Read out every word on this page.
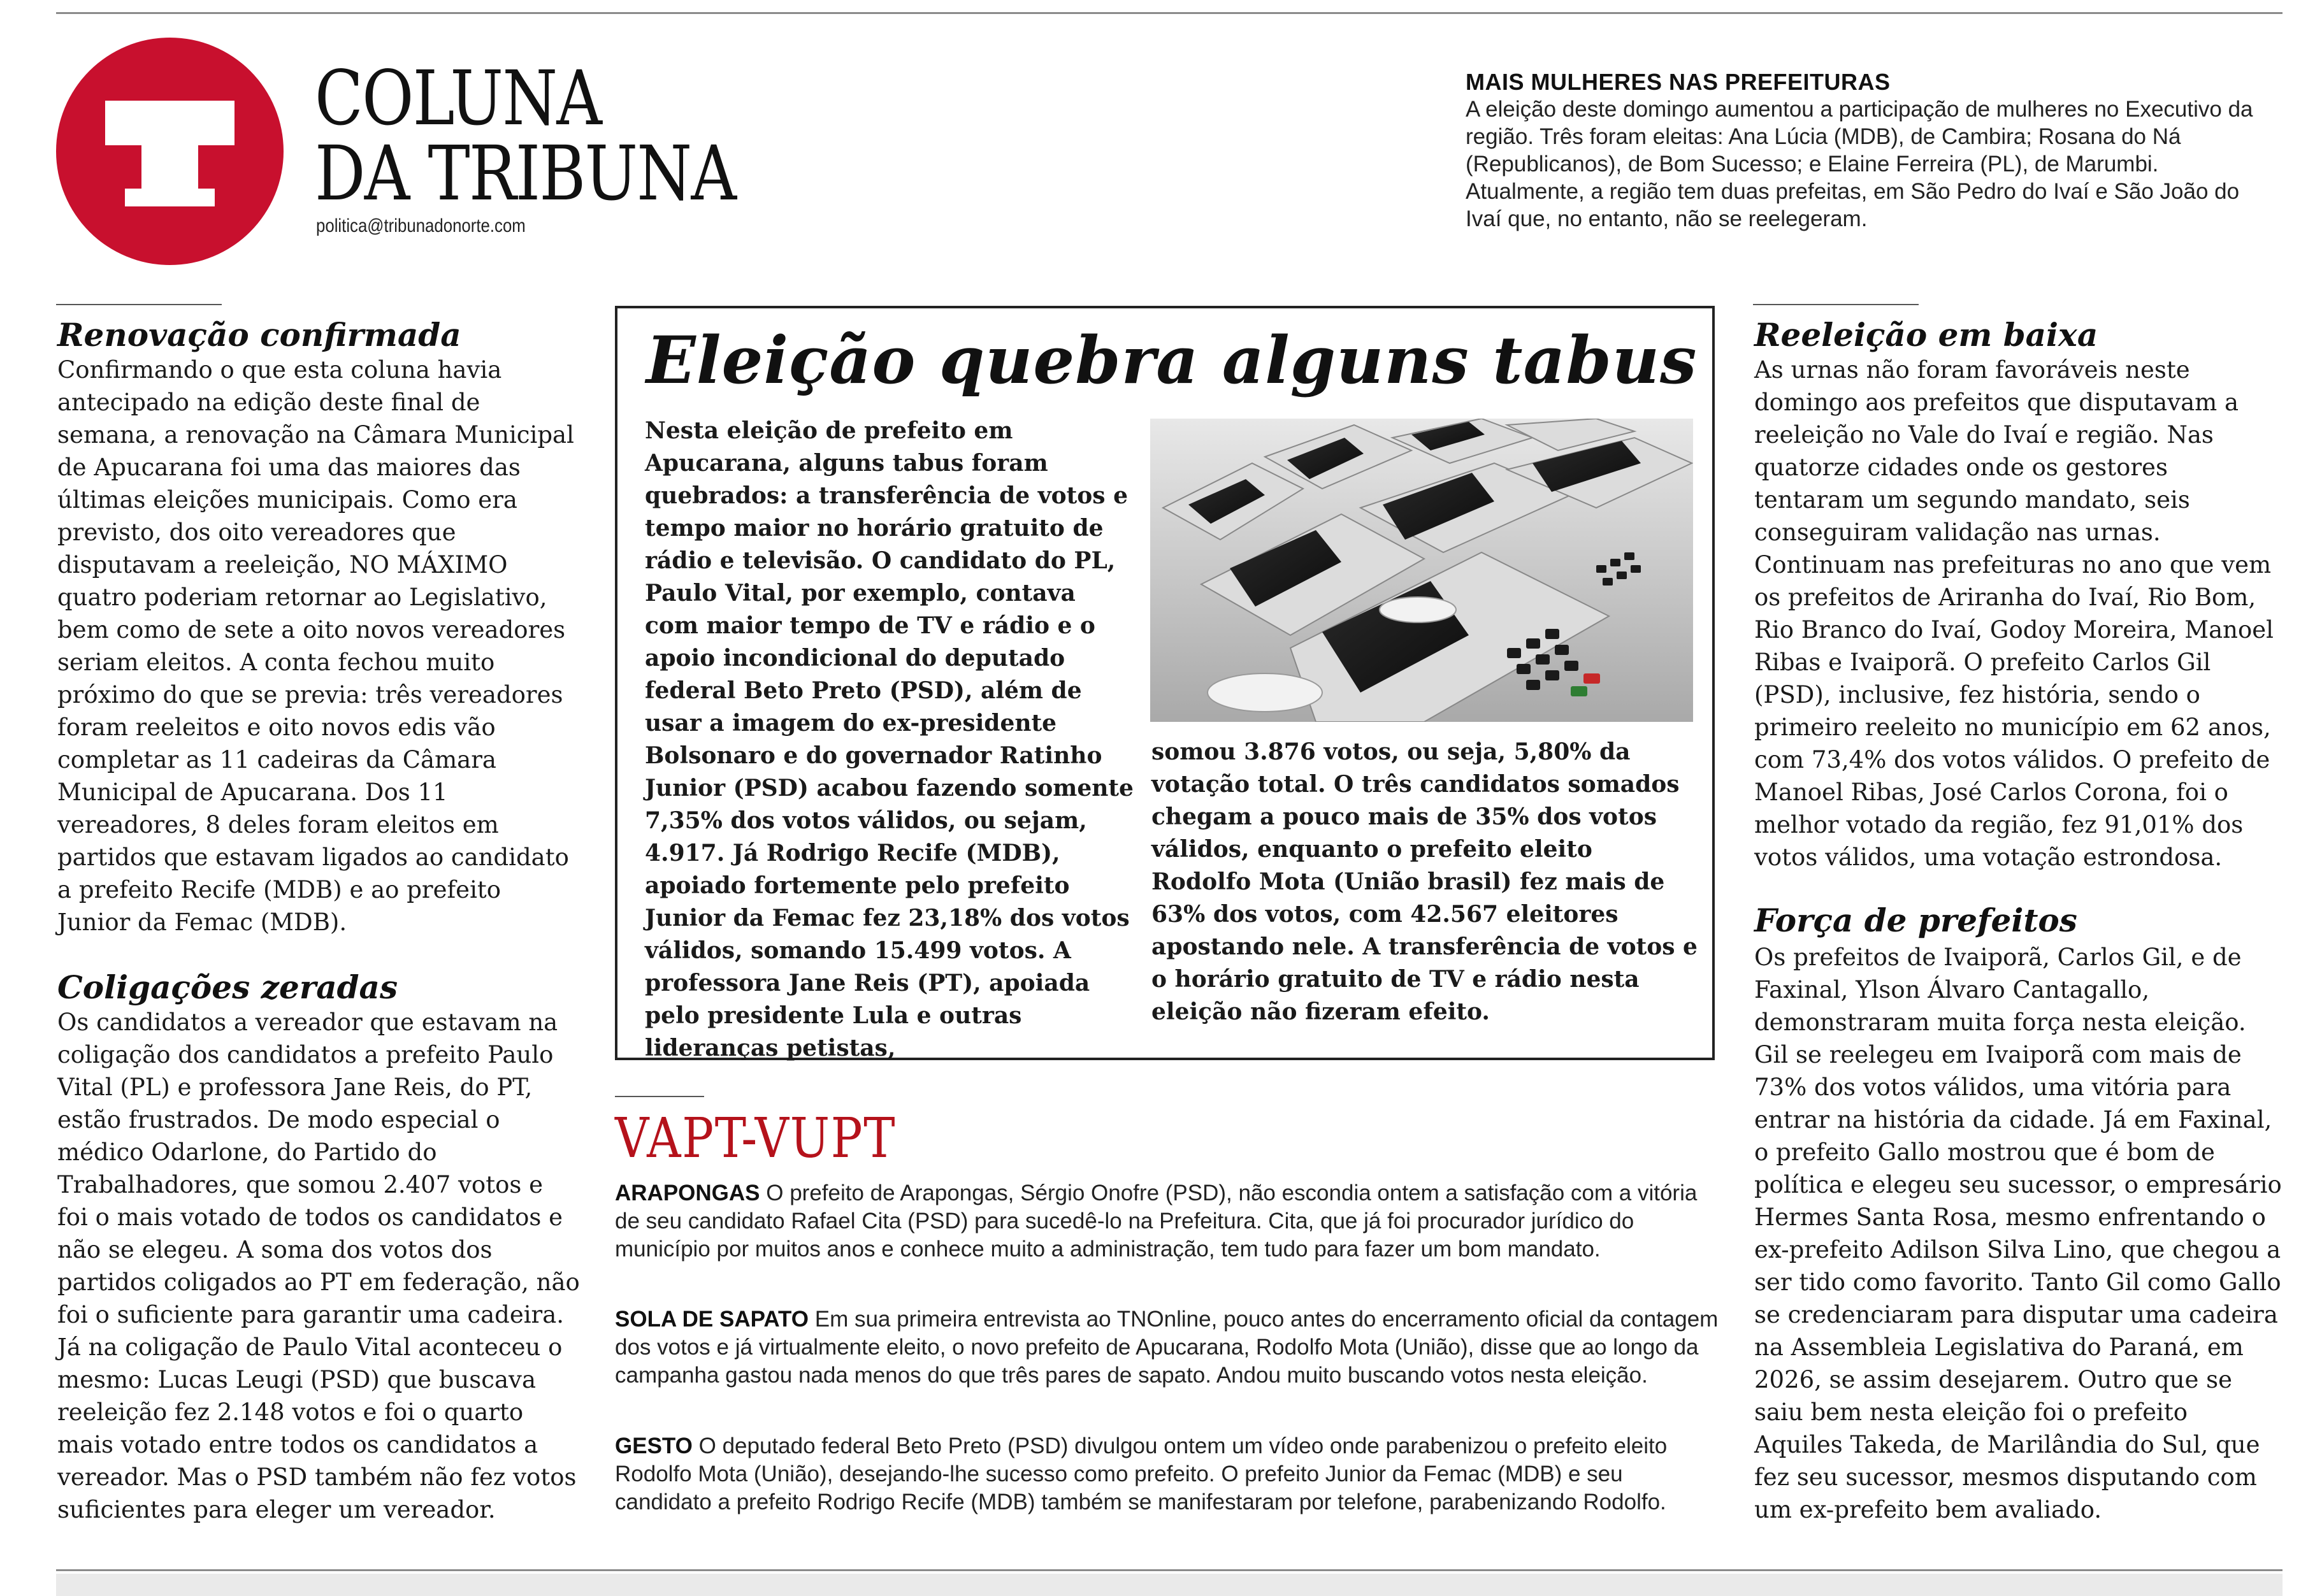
COLUNA
DA TRIBUNA
politica@tribunadonorte.com
MAIS MULHERES NAS PREFEITURAS
A eleição deste domingo aumentou a participação de mulheres no Executivo da região. Três foram eleitas: Ana Lúcia (MDB), de Cambira; Rosana do Ná (Republicanos), de Bom Sucesso; e Elaine Ferreira (PL), de Marumbi. Atualmente, a região tem duas prefeitas, em São Pedro do Ivaí e São João do Ivaí que, no entanto, não se reelegeram.
Renovação confirmada
Confirmando o que esta coluna havia antecipado na edição deste final de semana, a renovação na Câmara Municipal de Apucarana foi uma das maiores das últimas eleições municipais. Como era previsto, dos oito vereadores que disputavam a reeleição, NO MÁXIMO quatro poderiam retornar ao Legislativo, bem como de sete a oito novos vereadores seriam eleitos. A conta fechou muito próximo do que se previa: três vereadores foram reeleitos e oito novos edis vão completar as 11 cadeiras da Câmara Municipal de Apucarana. Dos 11 vereadores, 8 deles foram eleitos em partidos que estavam ligados ao candidato a prefeito Recife (MDB) e ao prefeito Junior da Femac (MDB).
Coligações zeradas
Os candidatos a vereador que estavam na coligação dos candidatos a prefeito Paulo Vital (PL) e professora Jane Reis, do PT, estão frustrados. De modo especial o médico Odarlone, do Partido do Trabalhadores, que somou 2.407 votos e foi o mais votado de todos os candidatos e não se elegeu. A soma dos votos dos partidos coligados ao PT em federação, não foi o suficiente para garantir uma cadeira. Já na coligação de Paulo Vital aconteceu o mesmo: Lucas Leugi (PSD) que buscava reeleição fez 2.148 votos e foi o quarto mais votado entre todos os candidatos a vereador. Mas o PSD também não fez votos suficientes para eleger um vereador.
Eleição quebra alguns tabus
Nesta eleição de prefeito em Apucarana, alguns tabus foram quebrados: a transferência de votos e tempo maior no horário gratuito de rádio e televisão. O candidato do PL, Paulo Vital, por exemplo, contava com maior tempo de TV e rádio e o apoio incondicional do deputado federal Beto Preto (PSD), além de usar a imagem do ex-presidente Bolsonaro e do governador Ratinho Junior (PSD) acabou fazendo somente 7,35% dos votos válidos, ou sejam, 4.917. Já Rodrigo Recife (MDB), apoiado fortemente pelo prefeito Junior da Femac fez 23,18% dos votos válidos, somando 15.499 votos. A professora Jane Reis (PT), apoiada pelo presidente Lula e outras lideranças petistas,
somou 3.876 votos, ou seja, 5,80% da votação total. O três candidatos somados chegam a pouco mais de 35% dos votos válidos, enquanto o prefeito eleito Rodolfo Mota (União brasil) fez mais de 63% dos votos, com 42.567 eleitores apostando nele. A transferência de votos e o horário gratuito de TV e rádio nesta eleição não fizeram efeito.
VAPT-VUPT
ARAPONGAS O prefeito de Arapongas, Sérgio Onofre (PSD), não escondia ontem a satisfação com a vitória de seu candidato Rafael Cita (PSD) para sucedê-lo na Prefeitura. Cita, que já foi procurador jurídico do município por muitos anos e conhece muito a administração, tem tudo para fazer um bom mandato.
SOLA DE SAPATO Em sua primeira entrevista ao TNOnline, pouco antes do encerramento oficial da contagem dos votos e já virtualmente eleito, o novo prefeito de Apucarana, Rodolfo Mota (União), disse que ao longo da campanha gastou nada menos do que três pares de sapato. Andou muito buscando votos nesta eleição.
GESTO O deputado federal Beto Preto (PSD) divulgou ontem um vídeo onde parabenizou o prefeito eleito Rodolfo Mota (União), desejando-lhe sucesso como prefeito. O prefeito Junior da Femac (MDB) e seu candidato a prefeito Rodrigo Recife (MDB) também se manifestaram por telefone, parabenizando Rodolfo.
Reeleição em baixa
As urnas não foram favoráveis neste domingo aos prefeitos que disputavam a reeleição no Vale do Ivaí e região. Nas quatorze cidades onde os gestores tentaram um segundo mandato, seis conseguiram validação nas urnas. Continuam nas prefeituras no ano que vem os prefeitos de Ariranha do Ivaí, Rio Bom, Rio Branco do Ivaí, Godoy Moreira, Manoel Ribas e Ivaiporã. O prefeito Carlos Gil (PSD), inclusive, fez história, sendo o primeiro reeleito no município em 62 anos, com 73,4% dos votos válidos. O prefeito de Manoel Ribas, José Carlos Corona, foi o melhor votado da região, fez 91,01% dos votos válidos, uma votação estrondosa.
Força de prefeitos
Os prefeitos de Ivaiporã, Carlos Gil, e de Faxinal, Ylson Álvaro Cantagallo, demonstraram muita força nesta eleição. Gil se reelegeu em Ivaiporã com mais de 73% dos votos válidos, uma vitória para entrar na história da cidade. Já em Faxinal, o prefeito Gallo mostrou que é bom de política e elegeu seu sucessor, o empresário Hermes Santa Rosa, mesmo enfrentando o ex-prefeito Adilson Silva Lino, que chegou a ser tido como favorito. Tanto Gil como Gallo se credenciaram para disputar uma cadeira na Assembleia Legislativa do Paraná, em 2026, se assim desejarem. Outro que se saiu bem nesta eleição foi o prefeito Aquiles Takeda, de Marilândia do Sul, que fez seu sucessor, mesmos disputando com um ex-prefeito bem avaliado.
